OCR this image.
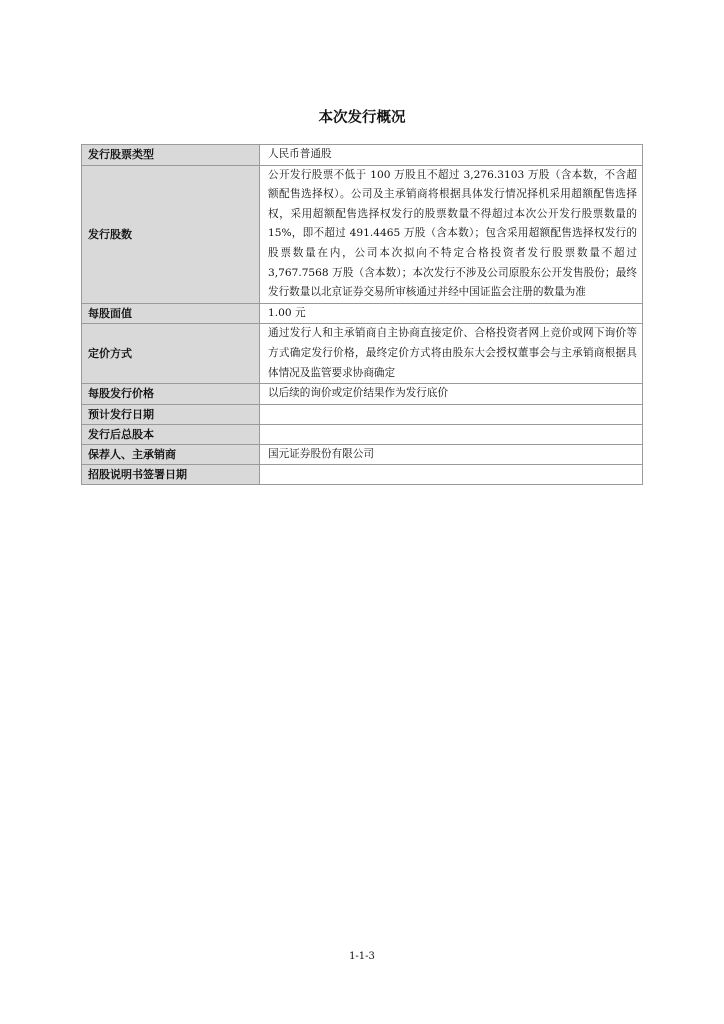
本次发行概况
发行股票类型	人民币普通股
发行股数	公开发行股票不低于 100 万股且不超过 3,276.3103 万股（含本数，不含超额配售选择权）。公司及主承销商将根据具体发行情况择机采用超额配售选择权，采用超额配售选择权发行的股票数量不得超过本次公开发行股票数量的 15%，即不超过 491.4465 万股（含本数）；包含采用超额配售选择权发行的股票数量在内，公司本次拟向不特定合格投资者发行股票数量不超过 3,767.7568 万股（含本数）；本次发行不涉及公司原股东公开发售股份；最终发行数量以北京证券交易所审核通过并经中国证监会注册的数量为准
每股面值	1.00 元
定价方式	通过发行人和主承销商自主协商直接定价、合格投资者网上竞价或网下询价等方式确定发行价格，最终定价方式将由股东大会授权董事会与主承销商根据具体情况及监管要求协商确定
每股发行价格	以后续的询价或定价结果作为发行底价
预计发行日期	
发行后总股本	
保荐人、主承销商	国元证券股份有限公司
招股说明书签署日期	
1-1-3
